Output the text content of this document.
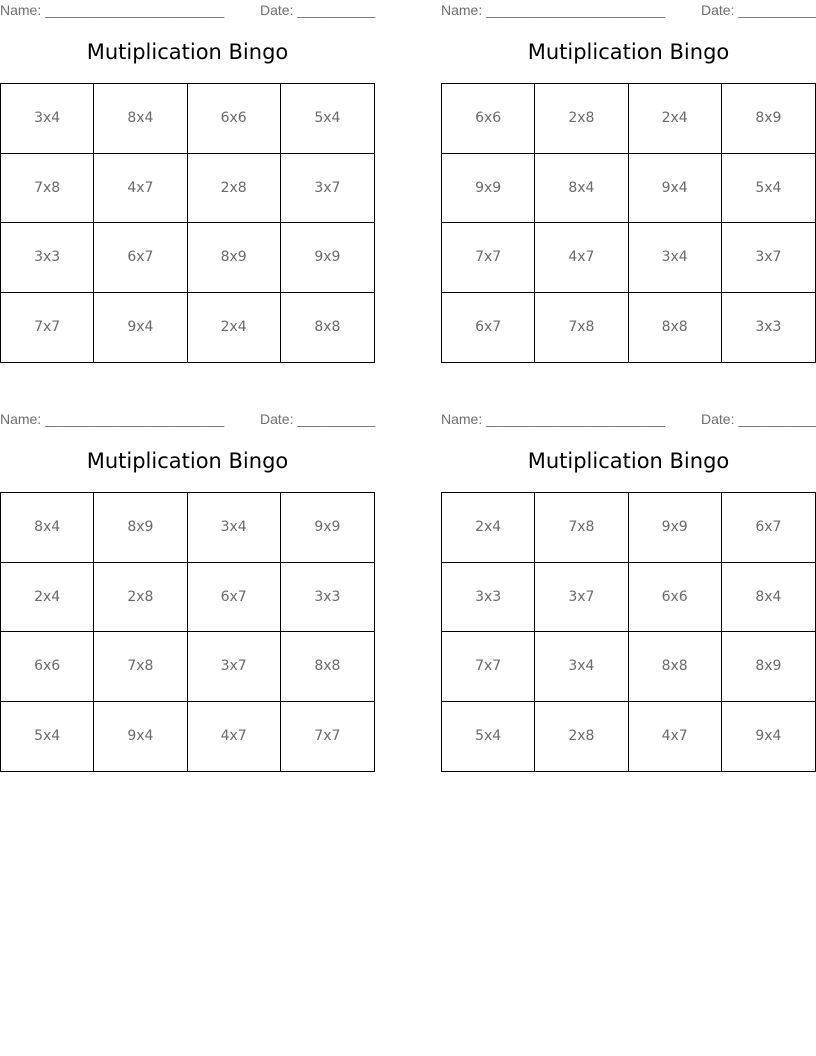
Name: _______________________	Date: __________
Mutiplication Bingo
3x4	8x4	6x6	5x4
7x8	4x7	2x8	3x7
3x3	6x7	8x9	9x9
7x7	9x4	2x4	8x8
Name: _______________________	Date: __________
Mutiplication Bingo
6x6	2x8	2x4	8x9
9x9	8x4	9x4	5x4
7x7	4x7	3x4	3x7
6x7	7x8	8x8	3x3
Name: _______________________	Date: __________
Mutiplication Bingo
8x4	8x9	3x4	9x9
2x4	2x8	6x7	3x3
6x6	7x8	3x7	8x8
5x4	9x4	4x7	7x7
Name: _______________________	Date: __________
Mutiplication Bingo
2x4	7x8	9x9	6x7
3x3	3x7	6x6	8x4
7x7	3x4	8x8	8x9
5x4	2x8	4x7	9x4
